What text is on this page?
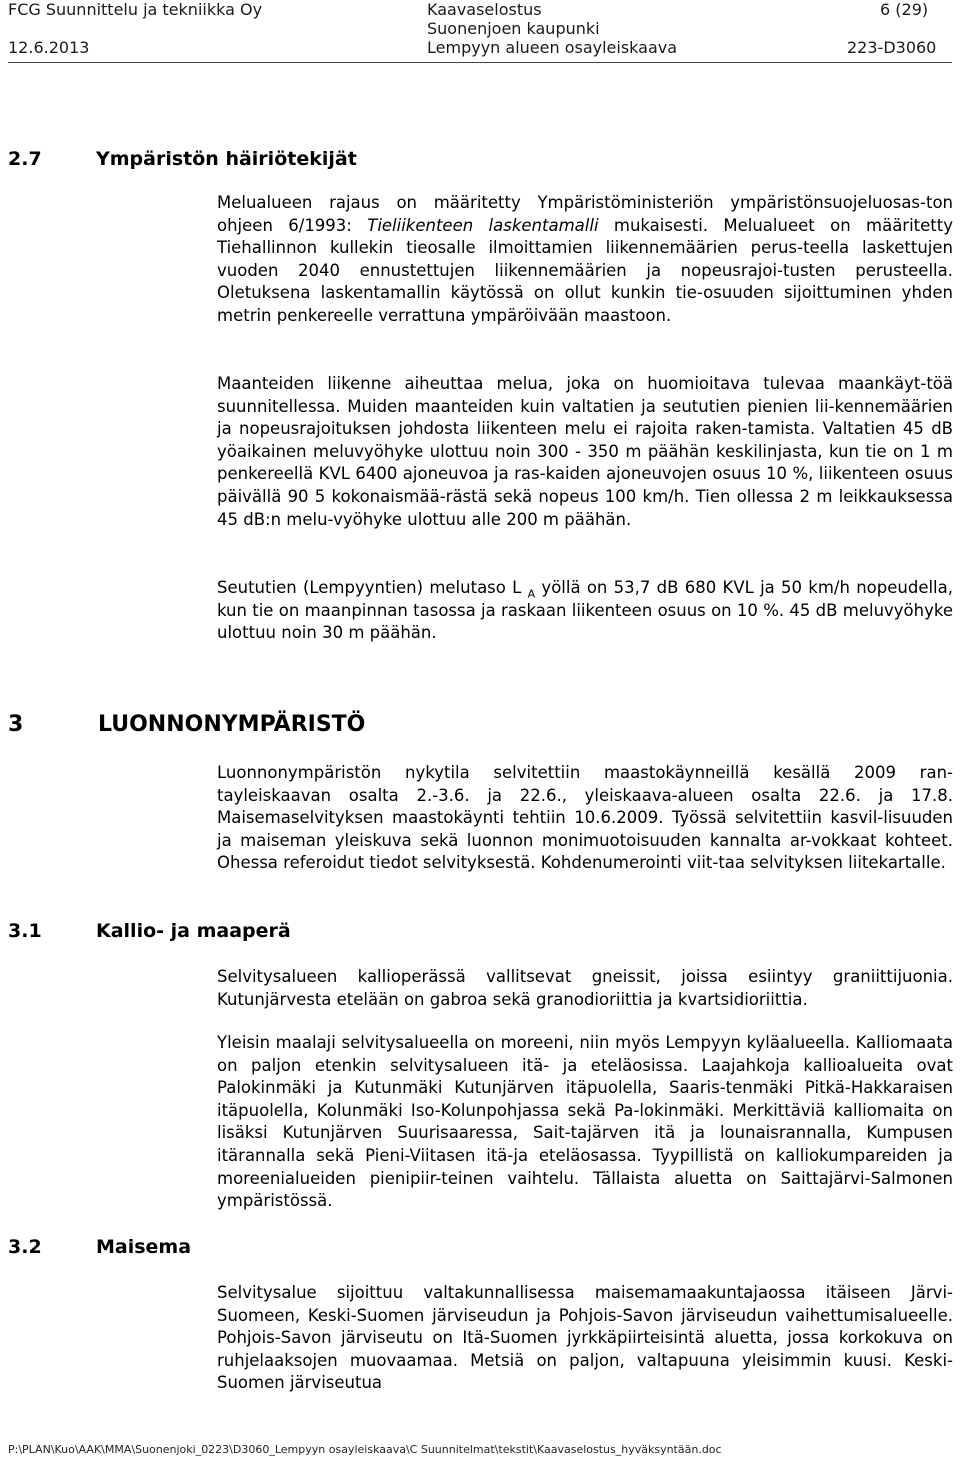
FCG Suunnittelu ja tekniikka Oy
12.6.2013
Kaavaselostus
Suonenjoen kaupunki
Lempyyn alueen osayleiskaava
6 (29)
223-D3060
2.7	Ympäristön häiriötekijät

Melualueen rajaus on määritetty Ympäristöministeriön ympäristönsuojeluosas-ton ohjeen 6/1993: Tieliikenteen laskentamalli mukaisesti. Melualueet on määritetty Tiehallinnon kullekin tieosalle ilmoittamien liikennemäärien perus-teella laskettujen vuoden 2040 ennustettujen liikennemäärien ja nopeusrajoi-tusten perusteella. Oletuksena laskentamallin käytössä on ollut kunkin tie-osuuden sijoittuminen yhden metrin penkereelle verrattuna ympäröivään maastoon.

Maanteiden liikenne aiheuttaa melua, joka on huomioitava tulevaa maankäyt-töä suunnitellessa. Muiden maanteiden kuin valtatien ja seututien pienien lii-kennemäärien ja nopeusrajoituksen johdosta liikenteen melu ei rajoita raken-tamista. Valtatien 45 dB yöaikainen meluvyöhyke ulottuu noin 300 - 350 m päähän keskilinjasta, kun tie on 1 m penkereellä KVL 6400 ajoneuvoa ja ras-kaiden ajoneuvojen osuus 10 %, liikenteen osuus päivällä 90 5 kokonaismää-rästä sekä nopeus 100 km/h. Tien ollessa 2 m leikkauksessa 45 dB:n melu-vyöhyke ulottuu alle 200 m päähän.

Seututien (Lempyyntien) melutaso L $_A$ yöllä on 53,7 dB 680 KVL ja 50 km/h nopeudella, kun tie on maanpinnan tasossa ja raskaan liikenteen osuus on 10 %. 45 dB meluvyöhyke ulottuu noin 30 m päähän.

3	LUONNONYMPÄRISTÖ

Luonnonympäristön nykytila selvitettiin maastokäynneillä kesällä 2009 ran-tayleiskaavan osalta 2.-3.6. ja 22.6., yleiskaava-alueen osalta 22.6. ja 17.8. Maisemaselvityksen maastokäynti tehtiin 10.6.2009. Työssä selvitettiin kasvil-lisuuden ja maiseman yleiskuva sekä luonnon monimuotoisuuden kannalta ar-vokkaat kohteet. Ohessa referoidut tiedot selvityksestä. Kohdenumerointi viit-taa selvityksen liitekartalle.

3.1	Kallio- ja maaperä

Selvitysalueen kallioperässä vallitsevat gneissit, joissa esiintyy graniittijuonia. Kutunjärvesta etelään on gabroa sekä granodioriittia ja kvartsidioriittia.

Yleisin maalaji selvitysalueella on moreeni, niin myös Lempyyn kyläalueella. Kalliomaata on paljon etenkin selvitysalueen itä- ja eteläosissa. Laajahkoja kallioalueita ovat Palokinmäki ja Kutunmäki Kutunjärven itäpuolella, Saaris-tenmäki Pitkä-Hakkaraisen itäpuolella, Kolunmäki Iso-Kolunpohjassa sekä Pa-lokinmäki. Merkittäviä kalliomaita on lisäksi Kutunjärven Suurisaaressa, Sait-tajärven itä ja lounaisrannalla, Kumpusen itärannalla sekä Pieni-Viitasen itä-ja eteläosassa. Tyypillistä on kalliokumpareiden ja moreenialueiden pienipiir-teinen vaihtelu. Tällaista aluetta on Saittajärvi-Salmonen ympäristössä.

3.2	Maisema

Selvitysalue sijoittuu valtakunnallisessa maisemamaakuntajaossa itäiseen Järvi-Suomeen, Keski-Suomen järviseudun ja Pohjois-Savon järviseudun vaihettumisalueelle. Pohjois-Savon järviseutu on Itä-Suomen jyrkkäpiirteisintä aluetta, jossa korkokuva on ruhjelaaksojen muovaamaa. Metsiä on paljon, valtapuuna yleisimmin kuusi. Keski-Suomen järviseutua

P:\PLAN\Kuo\AAK\MMA\Suonenjoki_0223\D3060_Lempyyn osayleiskaava\C Suunnitelmat\tekstit\Kaavaselostus_hyväksyntään.doc
